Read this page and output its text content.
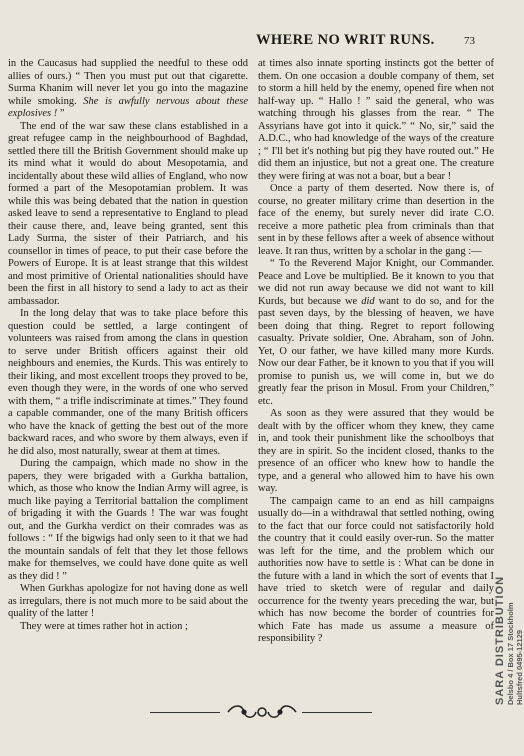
WHERE NO WRIT RUNS.	73

in the Caucasus had supplied the needful to these odd allies of ours.) “ Then you must put out that cigarette. Surma Khanim will never let you go into the magazine while smoking. She is awfully nervous about these explosives ! ”

The end of the war saw these clans established in a great refugee camp in the neighbourhood of Baghdad, settled there till the British Government should make up its mind what it would do about Mesopotamia, and incidentally about these wild allies of England, who now formed a part of the Mesopotamian problem. It was while this was being debated that the nation in question asked leave to send a representative to England to plead their cause there, and, leave being granted, sent this Lady Surma, the sister of their Patriarch, and his counsellor in times of peace, to put their case before the Powers of Europe. It is at least strange that this wildest and most primitive of Oriental nationalities should have been the first in all history to send a lady to act as their ambassador.

In the long delay that was to take place before this question could be settled, a large contingent of volunteers was raised from among the clans in question to serve under British officers against their old neighbours and enemies, the Kurds. This was entirely to their liking, and most excellent troops they proved to be, even though they were, in the words of one who served with them, “ a trifle indiscriminate at times.” They found a capable commander, one of the many British officers who have the knack of getting the best out of the more backward races, and who swore by them always, even if he did also, most naturally, swear at them at times.

During the campaign, which made no show in the papers, they were brigaded with a Gurkha battalion, which, as those who know the Indian Army will agree, is much like paying a Territorial battalion the compliment of brigading it with the Guards ! The war was fought out, and the Gurkha verdict on their comrades was as follows : “ If the bigwigs had only seen to it that we had the mountain sandals of felt that they let those fellows make for themselves, we could have done quite as well as they did ! ”

When Gurkhas apologize for not having done as well as irregulars, there is not much more to be said about the quality of the latter !

They were at times rather hot in action ;

at times also innate sporting instincts got the better of them. On one occasion a double company of them, set to storm a hill held by the enemy, opened fire when not half-way up. “ Hallo ! ” said the general, who was watching through his glasses from the rear. “ The Assyrians have got into it quick.” “ No, sir,” said the A.D.C., who had knowledge of the ways of the creature ; “ I'll bet it's nothing but pig they have routed out.” He did them an injustice, but not a great one. The creature they were firing at was not a boar, but a bear !

Once a party of them deserted. Now there is, of course, no greater military crime than desertion in the face of the enemy, but surely never did irate C.O. receive a more pathetic plea from criminals than that sent in by these fellows after a week of absence without leave. It ran thus, written by a scholar in the gang :—

“ To the Reverend Major Knight, our Commander. Peace and Love be multiplied. Be it known to you that we did not run away because we did not want to kill Kurds, but because we did want to do so, and for the past seven days, by the blessing of heaven, we have been doing that thing. Regret to report following casualty. Private soldier, One. Abraham, son of John. Yet, O our father, we have killed many more Kurds. Now our dear Father, be it known to you that if you will promise to punish us, we will come in, but we do greatly fear the prison in Mosul. From your Children,” etc.

As soon as they were assured that they would be dealt with by the officer whom they knew, they came in, and took their punishment like the schoolboys that they are in spirit. So the incident closed, thanks to the presence of an officer who knew how to handle the type, and a general who allowed him to have his own way.

The campaign came to an end as hill campaigns usually do—in a withdrawal that settled nothing, owing to the fact that our force could not satisfactorily hold the country that it could easily over-run. So the matter was left for the time, and the problem which our authorities now have to settle is : What can be done in the future with a land in which the sort of events that I have tried to sketch were of regular and daily occurrence for the twenty years preceding the war, but which has now become the border of countries for which Fate has made us assume a measure of responsibility ?	SARA DISTRIBUTION Delsbo 4 / Box 17 Stockholm Hultsfred 0495-12129
